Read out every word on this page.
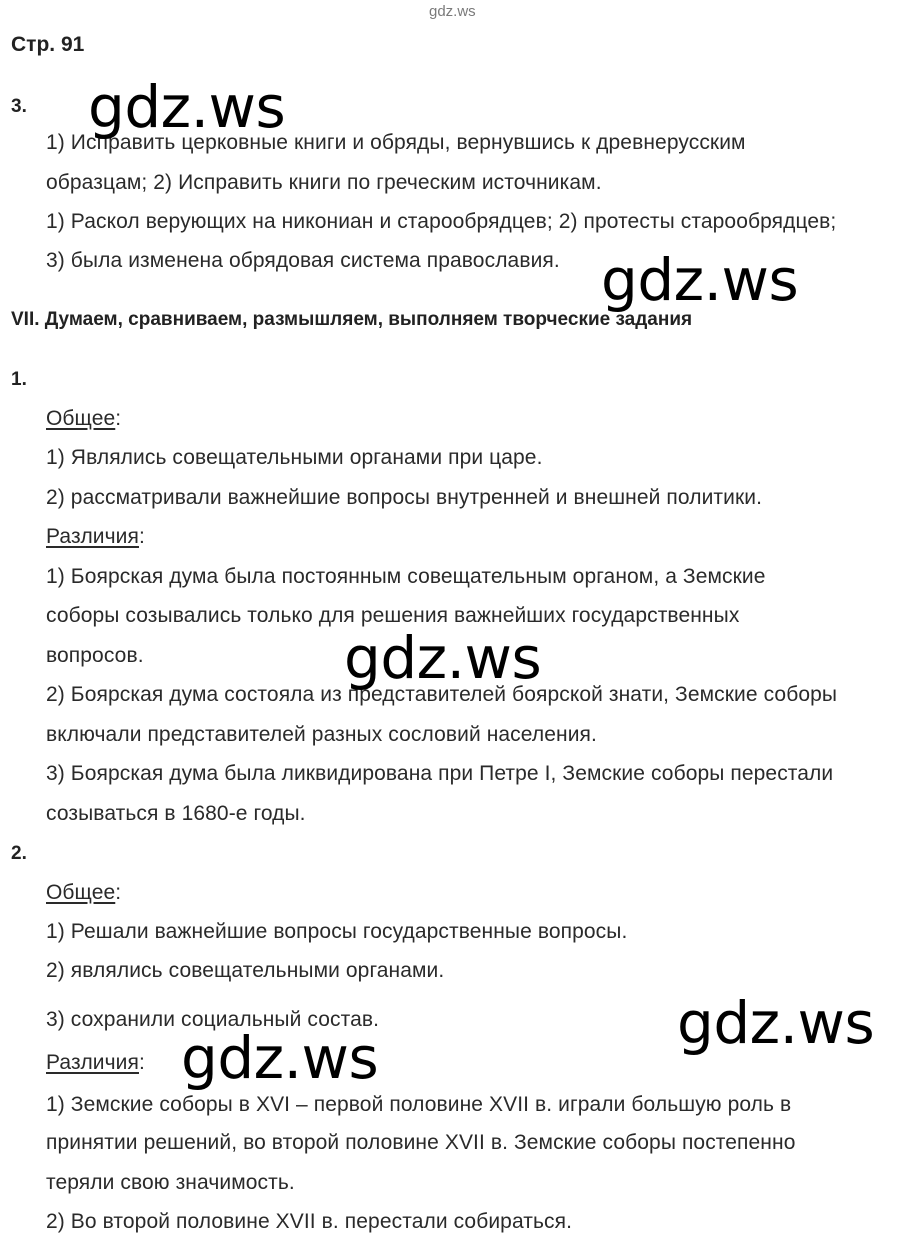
gdz.ws
Стр. 91
3.
1) Исправить церковные книги и обряды, вернувшись к древнерусским
образцам; 2) Исправить книги по греческим источникам.
1) Раскол верующих на никониан и старообрядцев; 2) протесты старообрядцев;
3) была изменена обрядовая система православия.
VII. Думаем, сравниваем, размышляем, выполняем творческие задания
1.
Общее:
1) Являлись совещательными органами при царе.
2) рассматривали важнейшие вопросы внутренней и внешней политики.
Различия:
1) Боярская дума была постоянным совещательным органом, а Земские
соборы созывались только для решения важнейших государственных
вопросов.
2) Боярская дума состояла из представителей боярской знати, Земские соборы
включали представителей разных сословий населения.
3) Боярская дума была ликвидирована при Петре I, Земские соборы перестали
созываться в 1680-е годы.
2.
Общее:
1) Решали важнейшие вопросы государственные вопросы.
2) являлись совещательными органами.
3) сохранили социальный состав.
Различия:
1) Земские соборы в XVI – первой половине XVII в. играли большую роль в
принятии решений, во второй половине XVII в. Земские соборы постепенно
теряли свою значимость.
2) Во второй половине XVII в. перестали собираться.
gdz.ws
gdz.ws
gdz.ws
gdz.ws
gdz.ws
